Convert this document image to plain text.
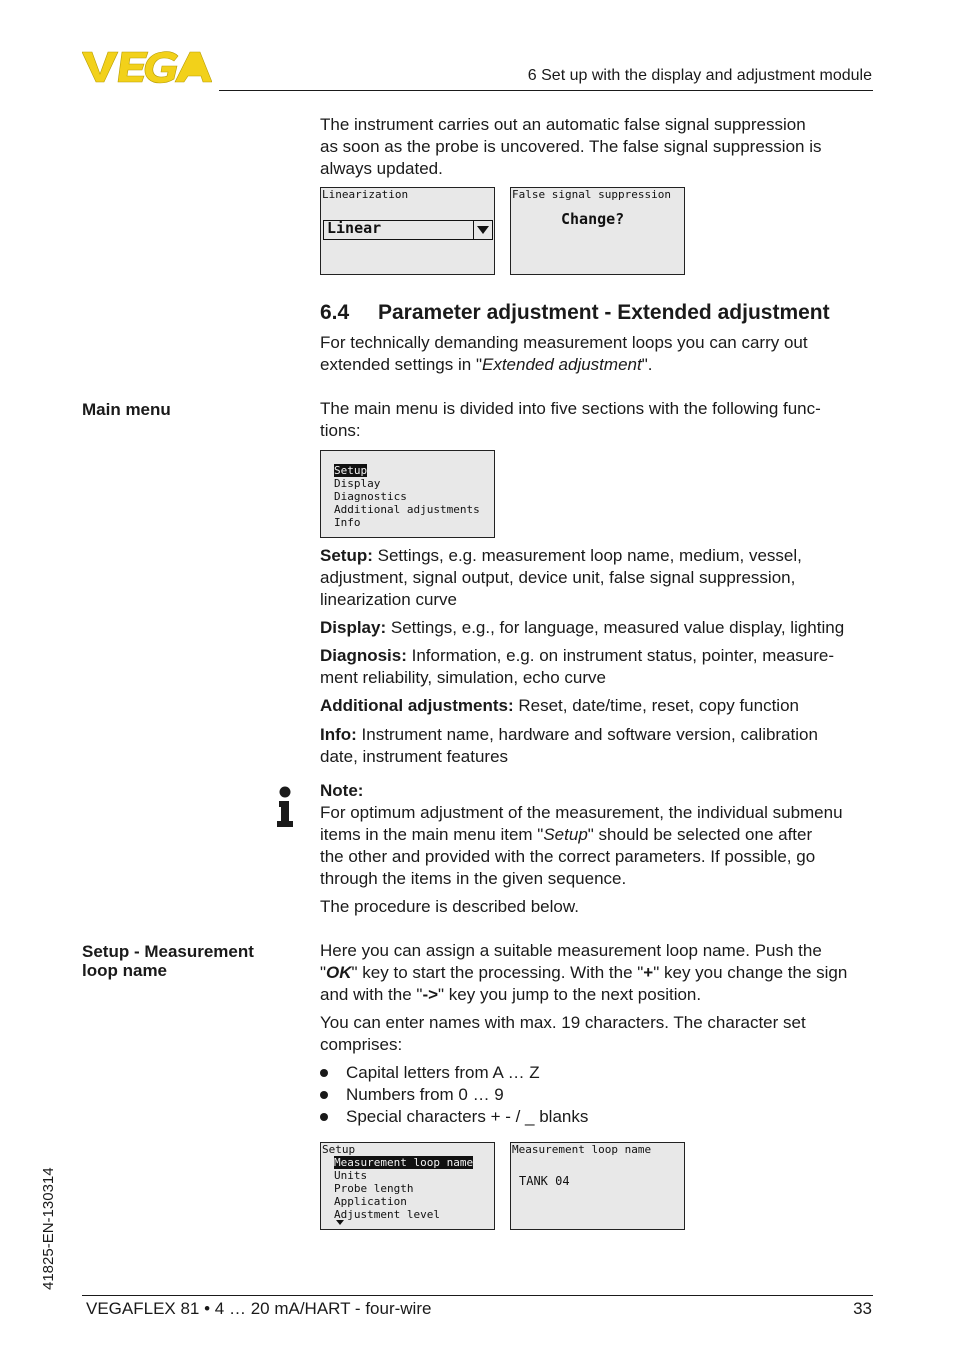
6 Set up with the display and adjustment module
The instrument carries out an automatic false signal suppression
as soon as the probe is uncovered. The false signal suppression is
always updated.
Linearization
Linear
False signal suppression
Change?
6.4 Parameter adjustment - Extended adjustment
For technically demanding measurement loops you can carry out
extended settings in "Extended adjustment".
Main menu	The main menu is divided into five sections with the following func-
tions:
Setup
Display
Diagnostics
Additional adjustments
Info
Setup: Settings, e.g. measurement loop name, medium, vessel,
adjustment, signal output, device unit, false signal suppression,
linearization curve
Display: Settings, e.g., for language, measured value display, lighting
Diagnosis: Information, e.g. on instrument status, pointer, measure-
ment reliability, simulation, echo curve
Additional adjustments: Reset, date/time, reset, copy function
Info: Instrument name, hardware and software version, calibration
date, instrument features
Note:
For optimum adjustment of the measurement, the individual submenu
items in the main menu item "Setup" should be selected one after
the other and provided with the correct parameters. If possible, go
through the items in the given sequence.
The procedure is described below.
Setup - Measurement
loop name
Here you can assign a suitable measurement loop name. Push the
"OK" key to start the processing. With the "+" key you change the sign
and with the "->" key you jump to the next position.
You can enter names with max. 19 characters. The character set
comprises:
Capital letters from A … Z
Numbers from 0 … 9
Special characters + - / _ blanks
Setup
Measurement loop name
Units
Probe length
Application
Adjustment level
Measurement loop name
TANK 04
41825-EN-130314
VEGAFLEX 81 • 4 … 20 mA/HART - four-wire	33
